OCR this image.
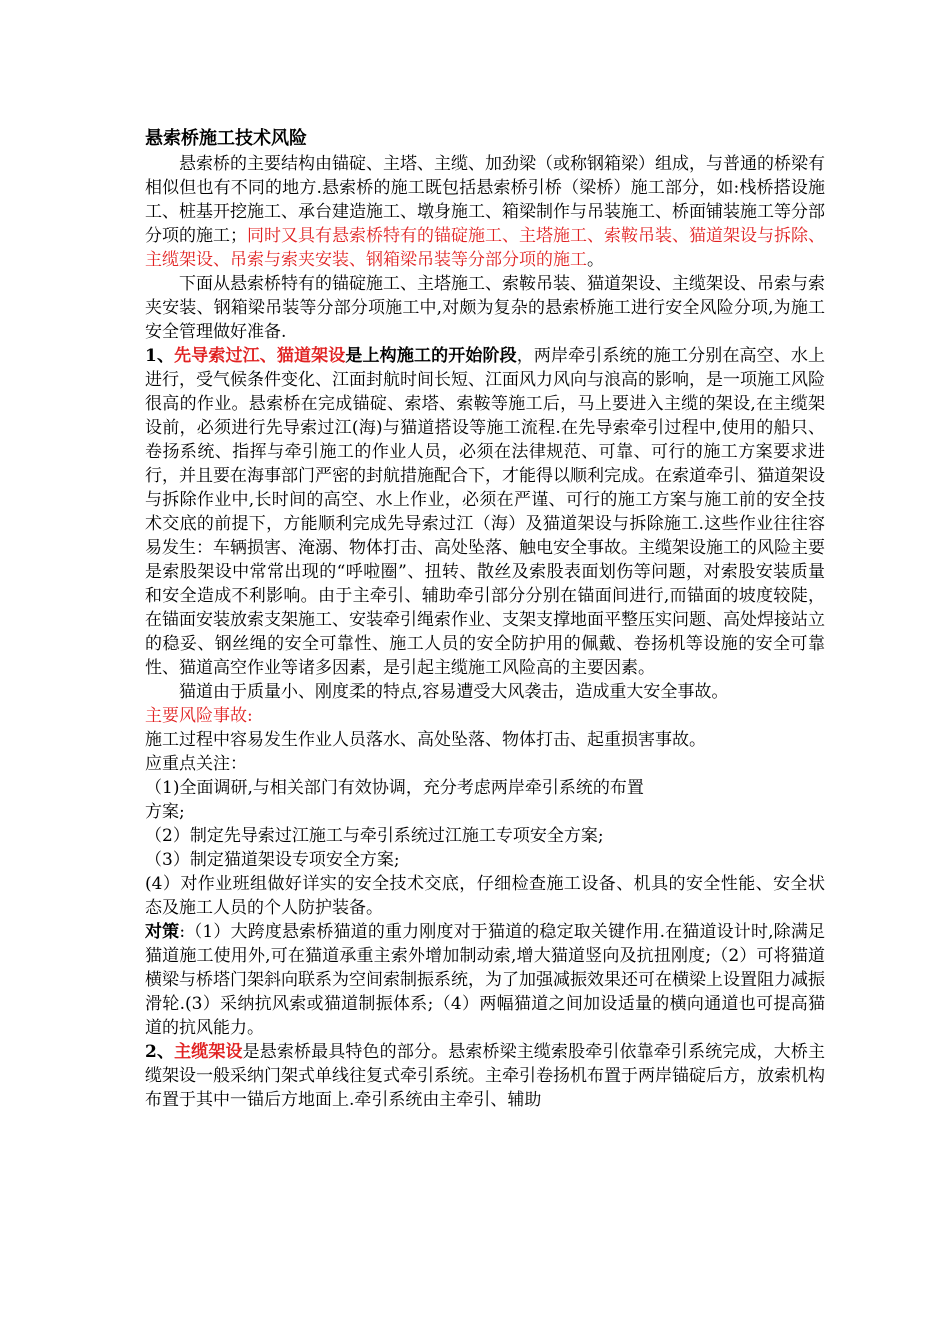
悬索桥施工技术风险

悬索桥的主要结构由锚碇、主塔、主缆、加劲梁（或称钢箱梁）组成，与普通的桥梁有相似但也有不同的地方.悬索桥的施工既包括悬索桥引桥（梁桥）施工部分，如:栈桥搭设施工、桩基开挖施工、承台建造施工、墩身施工、箱梁制作与吊装施工、桥面铺装施工等分部分项的施工；同时又具有悬索桥特有的锚碇施工、主塔施工、索鞍吊装、猫道架设与拆除、主缆架设、吊索与索夹安装、钢箱梁吊装等分部分项的施工。

下面从悬索桥特有的锚碇施工、主塔施工、索鞍吊装、猫道架设、主缆架设、吊索与索夹安装、钢箱梁吊装等分部分项施工中,对颇为复杂的悬索桥施工进行安全风险分项,为施工安全管理做好准备.

1、先导索过江、猫道架设是上构施工的开始阶段，两岸牵引系统的施工分别在高空、水上进行，受气候条件变化、江面封航时间长短、江面风力风向与浪高的影响，是一项施工风险很高的作业。悬索桥在完成锚碇、索塔、索鞍等施工后，马上要进入主缆的架设,在主缆架设前，必须进行先导索过江(海)与猫道搭设等施工流程.在先导索牵引过程中,使用的船只、卷扬系统、指挥与牵引施工的作业人员，必须在法律规范、可靠、可行的施工方案要求进行，并且要在海事部门严密的封航措施配合下，才能得以顺利完成。在索道牵引、猫道架设与拆除作业中,长时间的高空、水上作业，必须在严谨、可行的施工方案与施工前的安全技术交底的前提下，方能顺利完成先导索过江（海）及猫道架设与拆除施工.这些作业往往容易发生：车辆损害、淹溺、物体打击、高处坠落、触电安全事故。主缆架设施工的风险主要是索股架设中常常出现的“呼啦圈”、扭转、散丝及索股表面划伤等问题，对索股安装质量和安全造成不利影响。由于主牵引、辅助牵引部分分别在锚面间进行,而锚面的坡度较陡，在锚面安装放索支架施工、安装牵引绳索作业、支架支撑地面平整压实问题、高处焊接站立的稳妥、钢丝绳的安全可靠性、施工人员的安全防护用的佩戴、卷扬机等设施的安全可靠性、猫道高空作业等诸多因素，是引起主缆施工风险高的主要因素。

猫道由于质量小、刚度柔的特点,容易遭受大风袭击，造成重大安全事故。

主要风险事故:

施工过程中容易发生作业人员落水、高处坠落、物体打击、起重损害事故。

应重点关注：

（1)全面调研,与相关部门有效协调，充分考虑两岸牵引系统的布置

方案;

（2）制定先导索过江施工与牵引系统过江施工专项安全方案;

（3）制定猫道架设专项安全方案;

(4）对作业班组做好详实的安全技术交底，仔细检查施工设备、机具的安全性能、安全状态及施工人员的个人防护装备。

对策:（1）大跨度悬索桥猫道的重力刚度对于猫道的稳定取关键作用.在猫道设计时,除满足猫道施工使用外,可在猫道承重主索外增加制动索,增大猫道竖向及抗扭刚度;（2）可将猫道横梁与桥塔门架斜向联系为空间索制振系统，为了加强减振效果还可在横梁上设置阻力减振滑轮.(3）采纳抗风索或猫道制振体系;（4）两幅猫道之间加设适量的横向通道也可提高猫道的抗风能力。

2、主缆架设是悬索桥最具特色的部分。悬索桥梁主缆索股牵引依靠牵引系统完成，大桥主缆架设一般采纳门架式单线往复式牵引系统。主牵引卷扬机布置于两岸锚碇后方，放索机构布置于其中一锚后方地面上.牵引系统由主牵引、辅助
